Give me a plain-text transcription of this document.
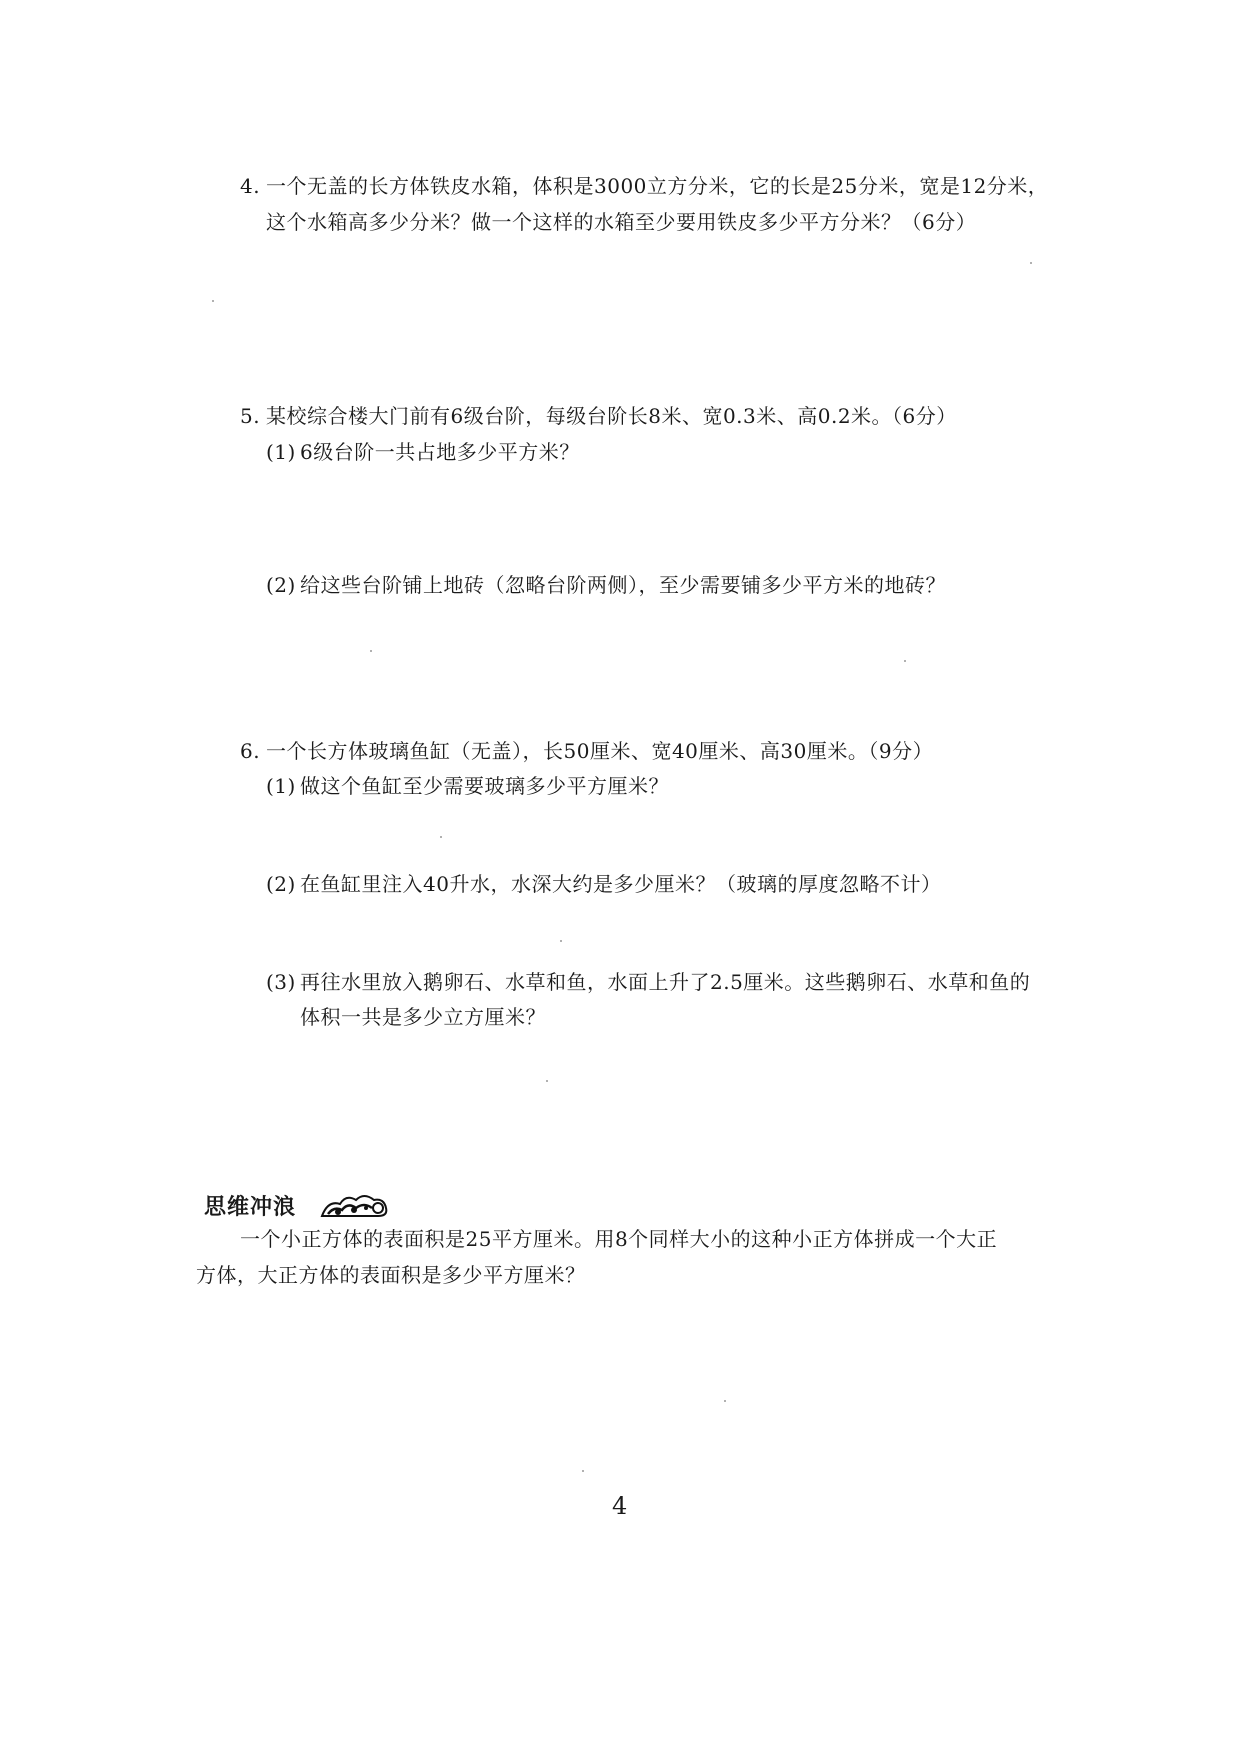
4. 一个无盖的长方体铁皮水箱，体积是3000立方分米，它的长是25分米，宽是12分米，
这个水箱高多少分米？做一个这样的水箱至少要用铁皮多少平方分米？（6分）
5. 某校综合楼大门前有6级台阶，每级台阶长8米、宽0.3米、高0.2米。（6分）
(1) 6级台阶一共占地多少平方米？
(2) 给这些台阶铺上地砖（忽略台阶两侧），至少需要铺多少平方米的地砖？
6. 一个长方体玻璃鱼缸（无盖），长50厘米、宽40厘米、高30厘米。（9分）
(1) 做这个鱼缸至少需要玻璃多少平方厘米？
(2) 在鱼缸里注入40升水，水深大约是多少厘米？（玻璃的厚度忽略不计）
(3) 再往水里放入鹅卵石、水草和鱼，水面上升了2.5厘米。这些鹅卵石、水草和鱼的
体积一共是多少立方厘米？
思维冲浪
一个小正方体的表面积是25平方厘米。用8个同样大小的这种小正方体拼成一个大正
方体，大正方体的表面积是多少平方厘米？
4
